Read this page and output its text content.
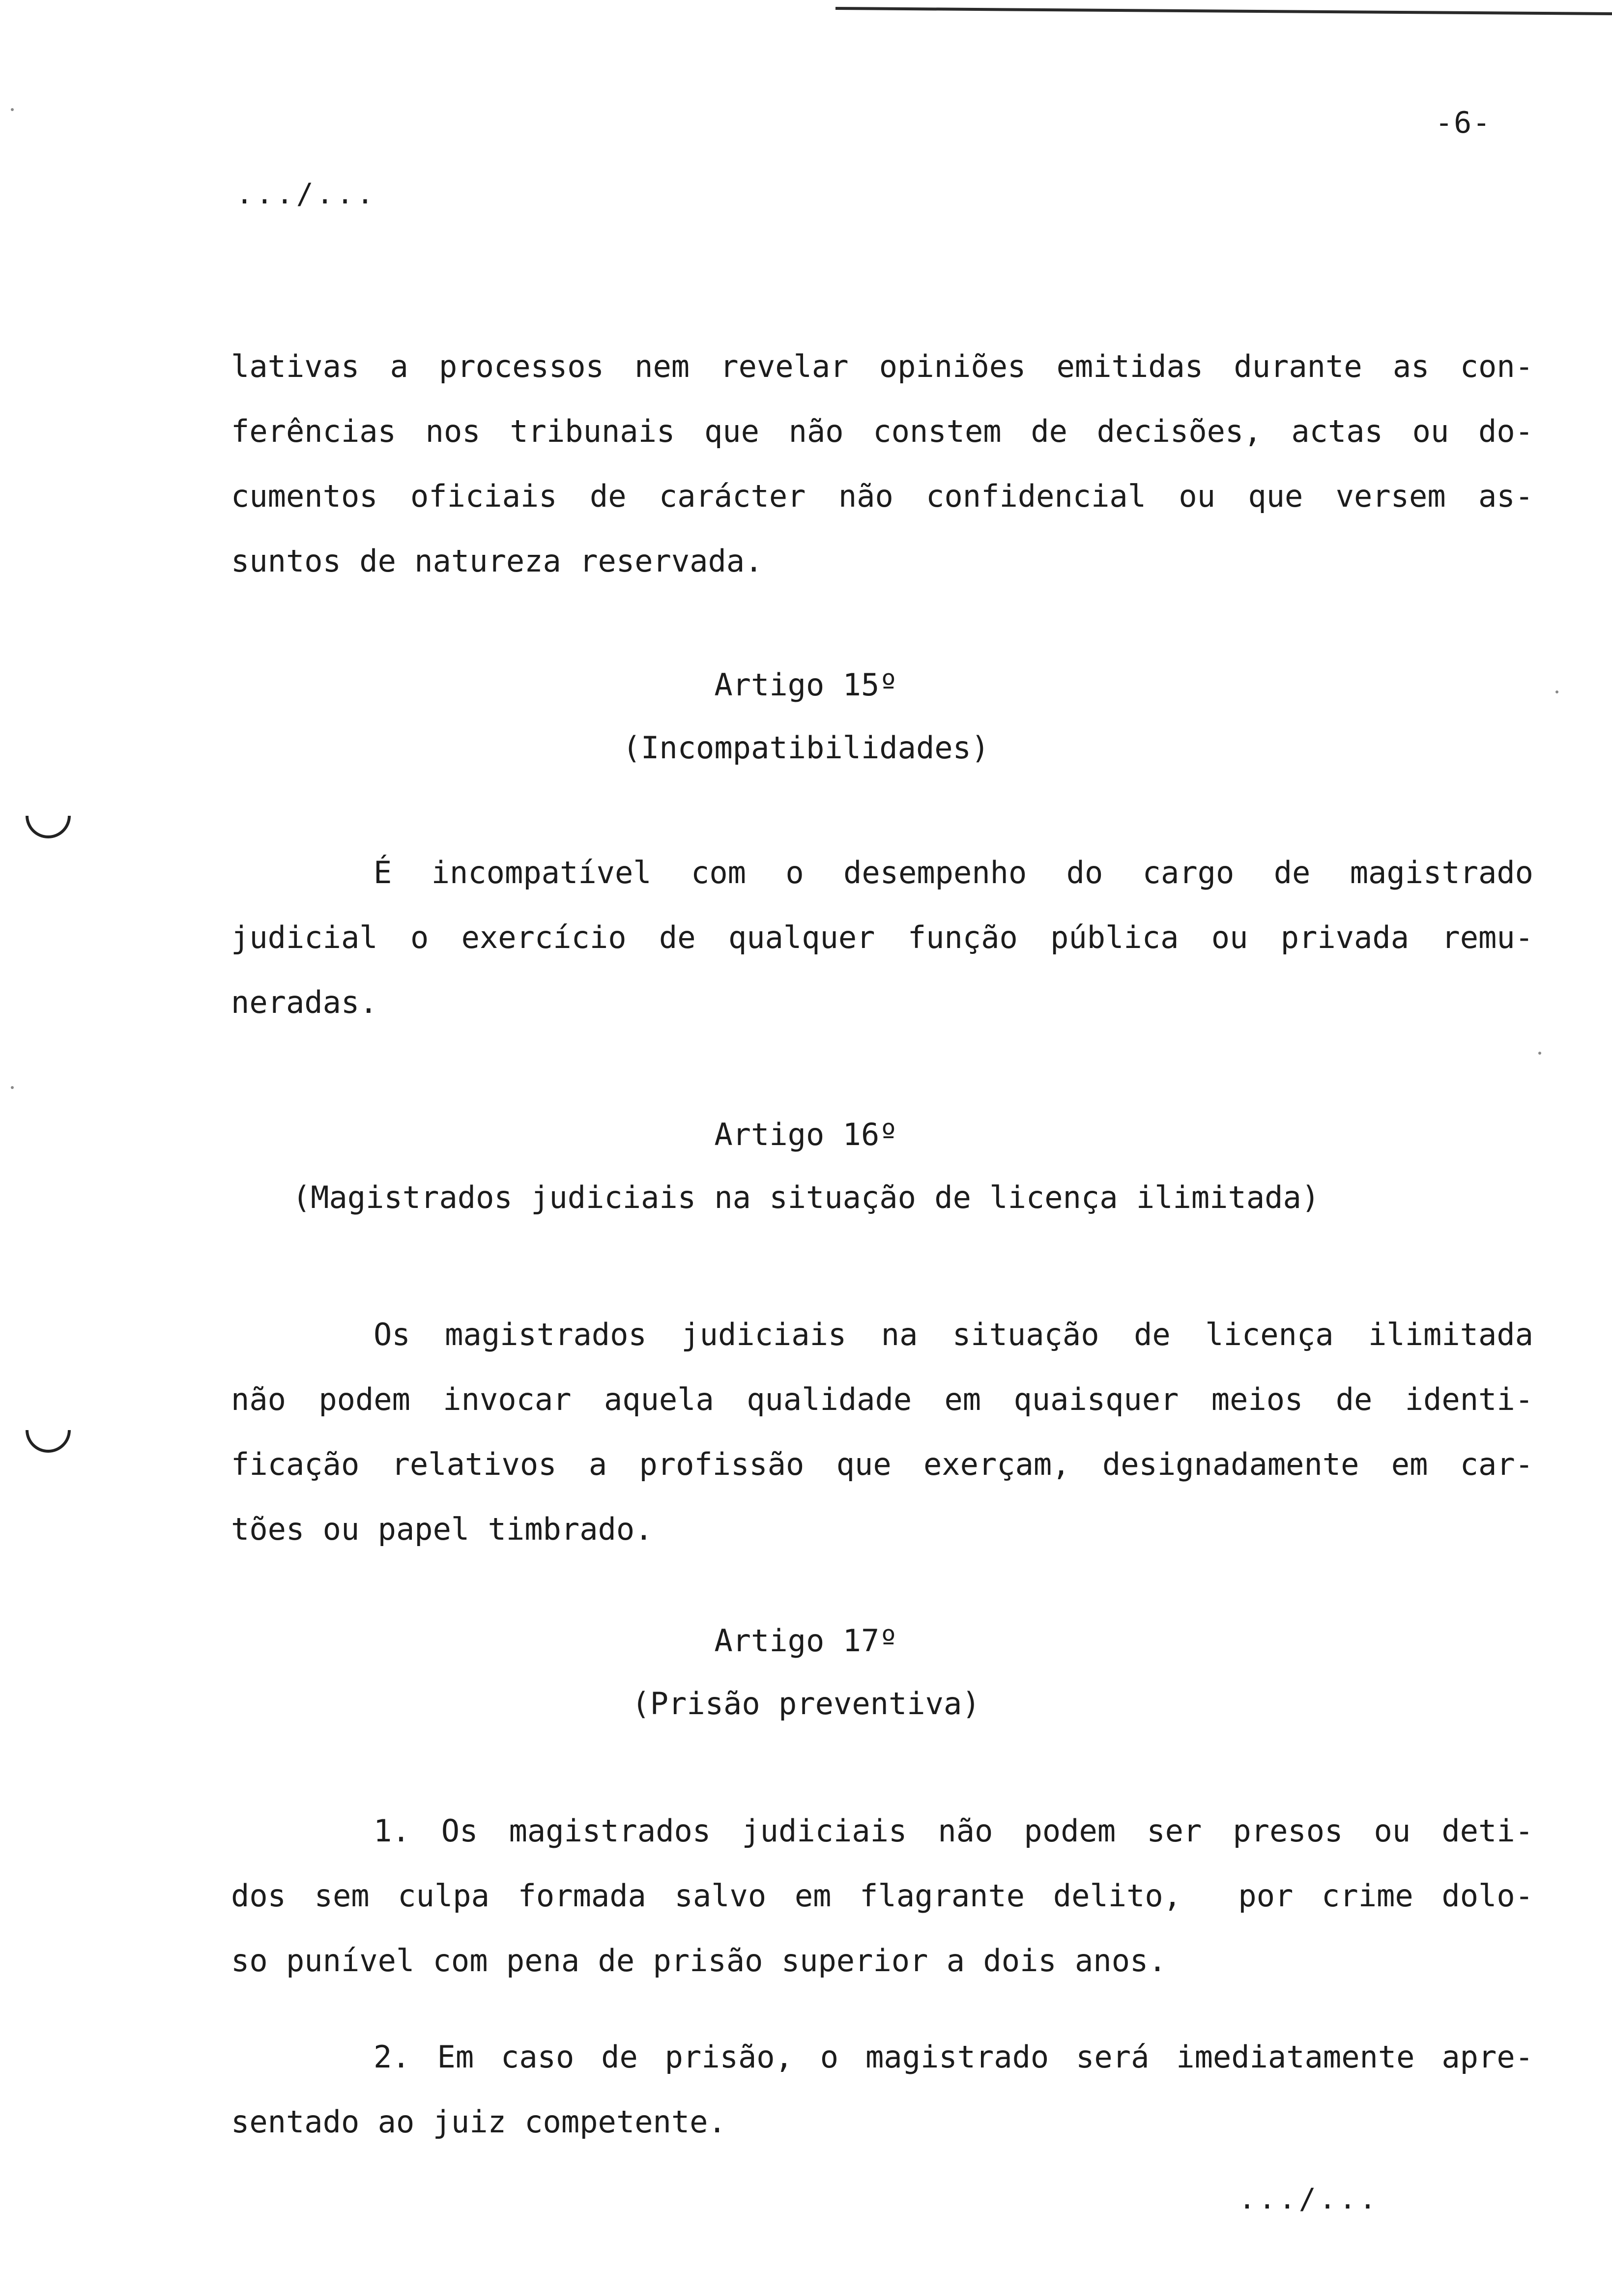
-6-
.../...
lativas a processos nem revelar opiniões emitidas durante as con-
ferências nos tribunais que não constem de decisões, actas ou do-
cumentos oficiais de carácter não confidencial ou que versem as-
suntos de natureza reservada.
Artigo 15º
(Incompatibilidades)
É incompatível com o desempenho do cargo de magistrado
judicial o exercício de qualquer função pública ou privada remu-
neradas.
Artigo 16º
(Magistrados judiciais na situação de licença ilimitada)
Os magistrados judiciais na situação de licença ilimitada
não podem invocar aquela qualidade em quaisquer meios de identi-
ficação relativos a profissão que exerçam, designadamente em car-
tões ou papel timbrado.
Artigo 17º
(Prisão preventiva)
1. Os magistrados judiciais não podem ser presos ou deti-
dos sem culpa formada salvo em flagrante delito,  por crime dolo-
so punível com pena de prisão superior a dois anos.
2. Em caso de prisão, o magistrado será imediatamente apre-
sentado ao juiz competente.
.../...
